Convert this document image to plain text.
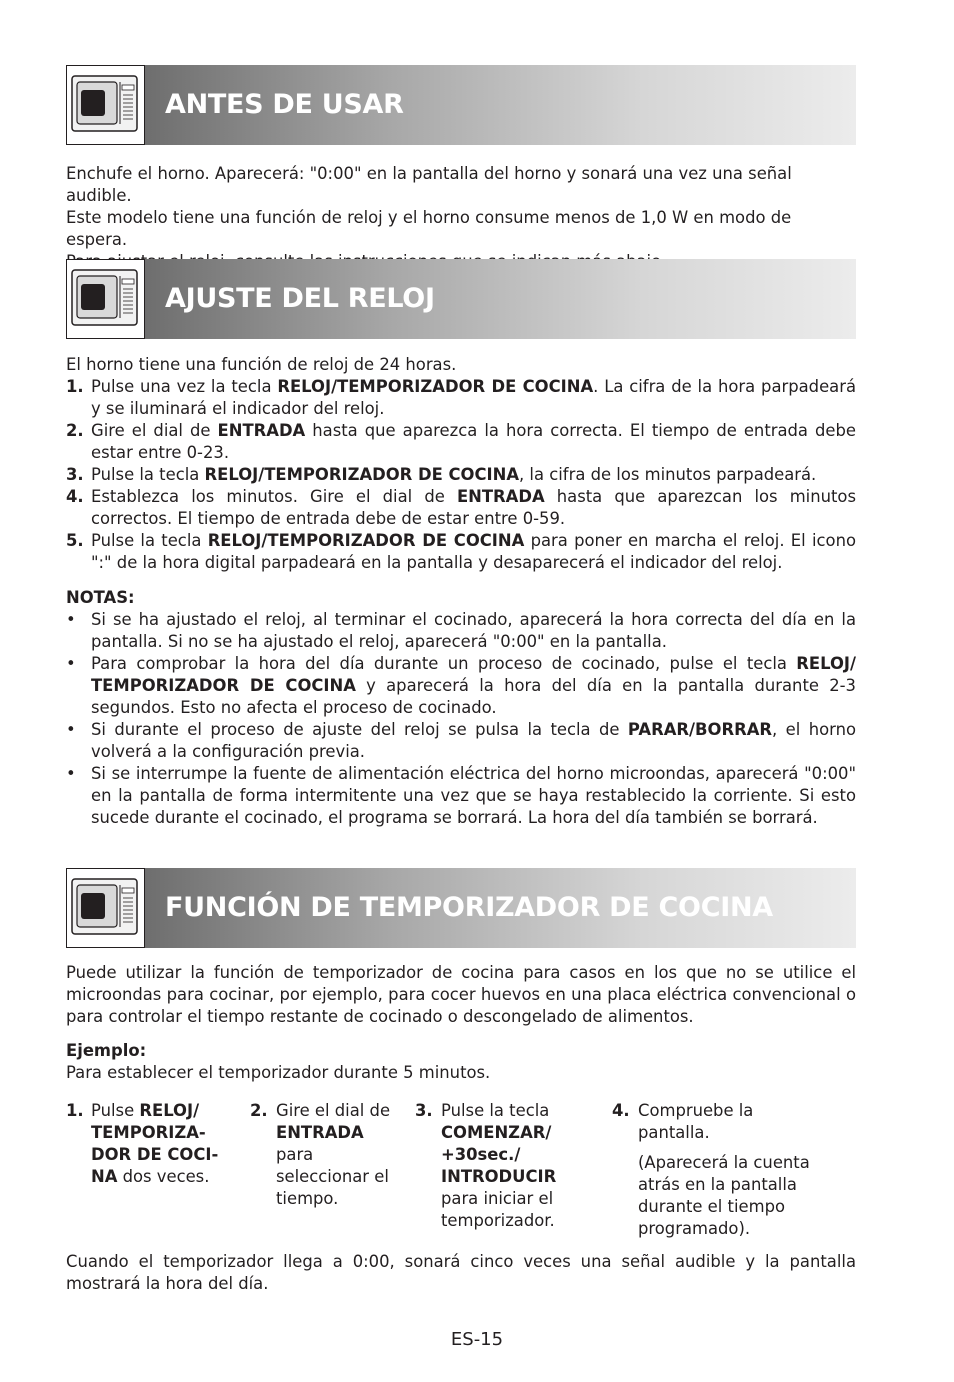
ANTES DE USAR

Enchufe el horno. Aparecerá: "0:00" en la pantalla del horno y sonará una vez una señal audible.

Este modelo tiene una función de reloj y el horno consume menos de 1,0 W en modo de espera.

AJUSTE DEL RELOJ

El horno tiene una función de reloj de 24 horas.

1. Pulse una vez la tecla RELOJ/TEMPORIZADOR DE COCINA. La cifra de la hora parpadeará y se iluminará el indicador del reloj.
2. Gire el dial de ENTRADA hasta que aparezca la hora correcta. El tiempo de entrada debe estar entre 0-23.
3. Pulse la tecla RELOJ/TEMPORIZADOR DE COCINA, la cifra de los minutos parpadeará.
4. Establezca los minutos. Gire el dial de ENTRADA hasta que aparezcan los minutos correctos. El tiempo de entrada debe de estar entre 0-59.
5. Pulse la tecla RELOJ/TEMPORIZADOR DE COCINA para poner en marcha el reloj. El icono ":" de la hora digital parpadeará en la pantalla y desaparecerá el indicador del reloj.

NOTAS:

• Si se ha ajustado el reloj, al terminar el cocinado, aparecerá la hora correcta del día en la pantalla. Si no se ha ajustado el reloj, aparecerá "0:00" en la pantalla.
• Para comprobar la hora del día durante un proceso de cocinado, pulse el tecla RELOJ/ TEMPORIZADOR DE COCINA y aparecerá la hora del día en la pantalla durante 2-3 segundos. Esto no afecta el proceso de cocinado.
• Si durante el proceso de ajuste del reloj se pulsa la tecla de PARAR/BORRAR, el horno volverá a la configuración previa.
• Si se interrumpe la fuente de alimentación eléctrica del horno microondas, aparecerá "0:00" en la pantalla de forma intermitente una vez que se haya restablecido la corriente. Si esto sucede durante el cocinado, el programa se borrará. La hora del día también se borrará.
FUNCIÓN DE TEMPORIZADOR DE COCINA

Puede utilizar la función de temporizador de cocina para casos en los que no se utilice el microondas para cocinar, por ejemplo, para cocer huevos en una placa eléctrica convencional o para controlar el tiempo restante de cocinado o descongelado de alimentos.

Ejemplo:

Para establecer el temporizador durante 5 minutos.

1. Pulse RELOJ/ TEMPORIZA- DOR DE COCI- NA dos veces.
2. Gire el dial de ENTRADA para seleccionar el tiempo.
3. Pulse la tecla COMENZAR/ +30sec./ INTRODUCIR para iniciar el temporizador.
4. Compruebe la pantalla.
(Aparecerá la cuenta atrás en la pantalla durante el tiempo programado).

Cuando el temporizador llega a 0:00, sonará cinco veces una señal audible y la pantalla mostrará la hora del día.

ES-15
